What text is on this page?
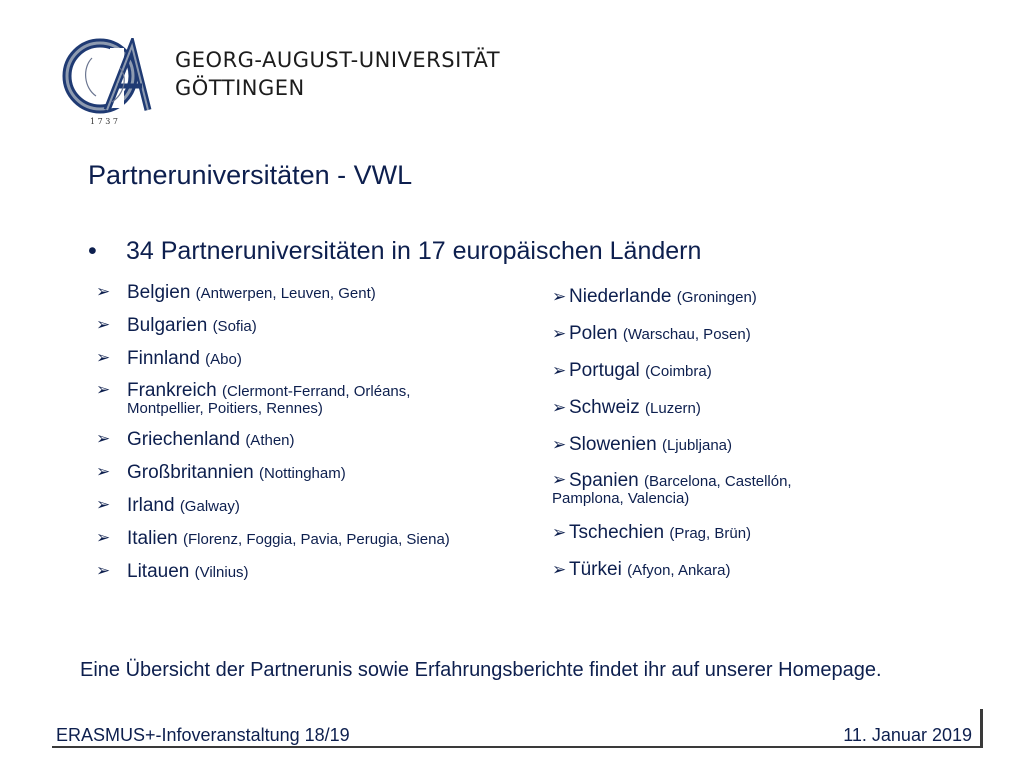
1 7 3 7
GEORG-AUGUST-UNIVERSITÄT
GÖTTINGEN
Partneruniversitäten - VWL
• 34 Partneruniversitäten in 17 europäischen Ländern
➢ Belgien (Antwerpen, Leuven, Gent)
➢ Bulgarien (Sofia)
➢ Finnland (Abo)
➢ Frankreich (Clermont-Ferrand, Orléans,
Montpellier, Poitiers, Rennes)
➢ Griechenland (Athen)
➢ Großbritannien (Nottingham)
➢ Irland (Galway)
➢ Italien (Florenz, Foggia, Pavia, Perugia, Siena)
➢ Litauen (Vilnius)
➢ Niederlande (Groningen)
➢ Polen (Warschau, Posen)
➢ Portugal (Coimbra)
➢ Schweiz (Luzern)
➢ Slowenien (Ljubljana)
➢ Spanien (Barcelona, Castellón,
Pamplona, Valencia)
➢ Tschechien (Prag, Brün)
➢ Türkei (Afyon, Ankara)
Eine Übersicht der Partnerunis sowie Erfahrungsberichte findet ihr auf unserer Homepage.
ERASMUS+-Infoveranstaltung 18/19	11. Januar 2019
